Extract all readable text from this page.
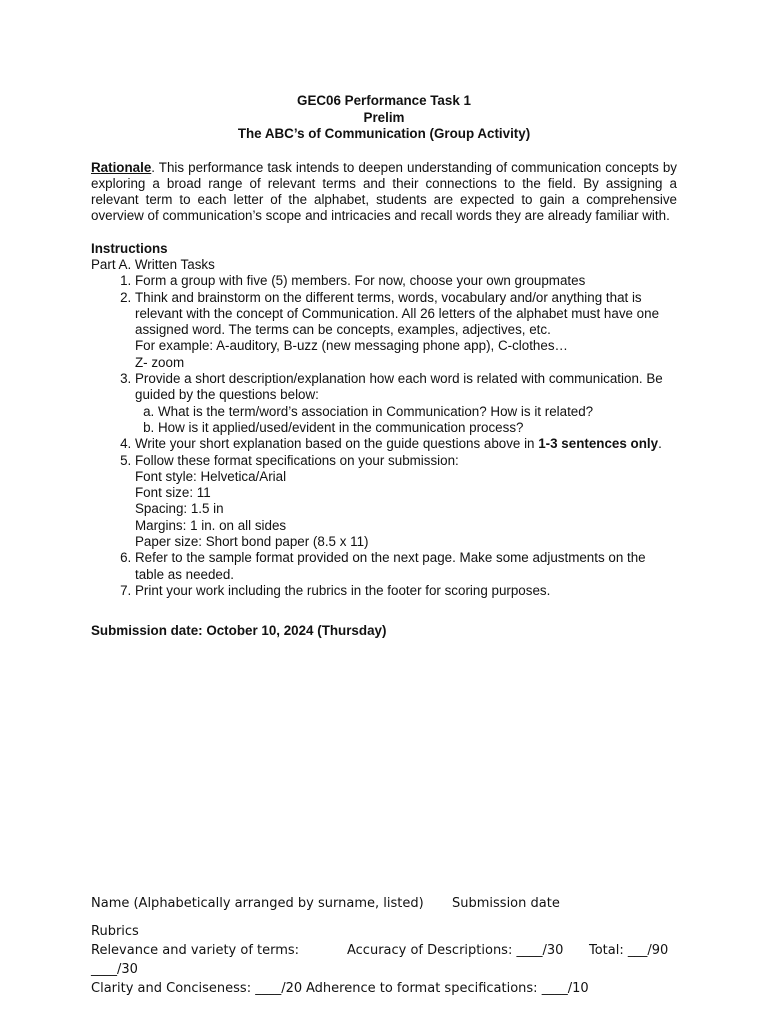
GEC06 Performance Task 1
Prelim
The ABC’s of Communication (Group Activity)
Rationale. This performance task intends to deepen understanding of communication concepts by exploring a broad range of relevant terms and their connections to the field. By assigning a relevant term to each letter of the alphabet, students are expected to gain a comprehensive overview of communication’s scope and intricacies and recall words they are already familiar with.
Instructions
Part A. Written Tasks
1. Form a group with five (5) members. For now, choose your own groupmates
2. Think and brainstorm on the different terms, words, vocabulary and/or anything that is relevant with the concept of Communication. All 26 letters of the alphabet must have one assigned word. The terms can be concepts, examples, adjectives, etc.
For example: A-auditory, B-uzz (new messaging phone app), C-clothes…
Z- zoom
3. Provide a short description/explanation how each word is related with communication. Be guided by the questions below:
a. What is the term/word’s association in Communication? How is it related?
b. How is it applied/used/evident in the communication process?
4. Write your short explanation based on the guide questions above in 1-3 sentences only.
5. Follow these format specifications on your submission:
Font style: Helvetica/Arial
Font size: 11
Spacing: 1.5 in
Margins: 1 in. on all sides
Paper size: Short bond paper (8.5 x 11)
6. Refer to the sample format provided on the next page. Make some adjustments on the table as needed.
7. Print your work including the rubrics in the footer for scoring purposes.
Submission date: October 10, 2024 (Thursday)
Name (Alphabetically arranged by surname, listed)	Submission date
Rubrics
Relevance and variety of terms: ____/30
Accuracy of Descriptions: ____/30	Total: ___/90
Clarity and Conciseness: ____/20 Adherence to format specifications: ____/10
